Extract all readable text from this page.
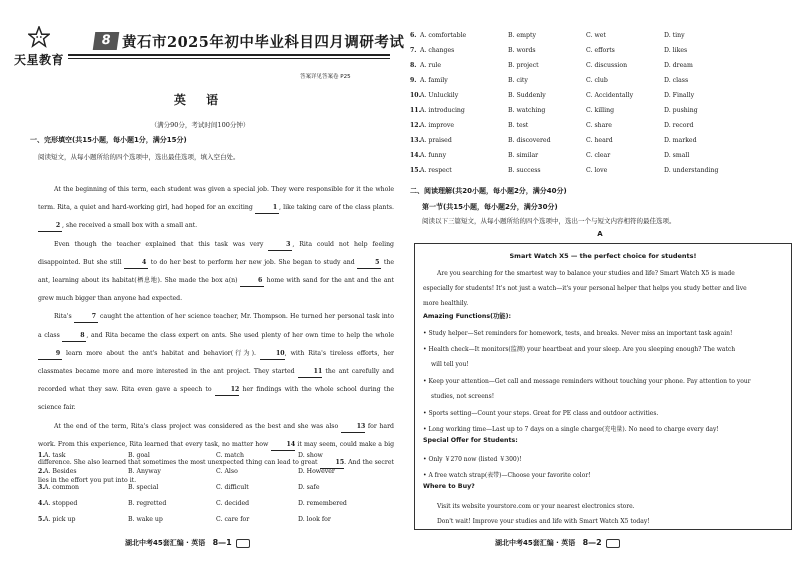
天星教育
8 黄石市2025年初中毕业科目四月调研考试
答案详见答案卷 P25
英 语
（满分90分，考试时间100分钟）
一、完形填空(共15小题，每小题1分，满分15分)
阅读短文，从每小题所给的四个选项中，选出最佳选项，填入空白处。

At the beginning of this term, each student was given a special job. They were responsible for it the whole term. Rita, a quiet and hard-working girl, had hoped for an exciting	1 , like taking care of the class plants. 2 , she received a small box with a small ant.

Even though the teacher explained that this task was very	3 , Rita could not help feeling disappointed. But she still	4 to do her best to perform her new job. She began to study and	5 the ant, learning about its habitat(栖息地). She made the box a(n)	6 home with sand for the ant and the ant grew much bigger than anyone had expected.

Rita's	7 caught the attention of her science teacher, Mr. Thompson. He turned her personal task into a class	8 , and Rita became the class expert on ants. She used plenty of her own time to help the whole 9 learn more about the ant's habitat and behavior(行为).	10, with Rita's tireless efforts, her classmates became more and more interested in the ant project. They started	11 the ant carefully and recorded what they saw. Rita even gave a speech to	12 her findings with the whole school during the science fair.

At the end of the term, Rita's class project was considered as the best and she was also	13 for hard work. From this experience, Rita learned that every task, no matter how	14 it may seem, could make a big difference. She also learned that sometimes the most unexpected thing can lead to great	15. And the secret lies in the effort you put into it.

1. A. task	B. goal	C. match	D. show
2. A. Besides	B. Anyway	C. Also	D. However
3. A. common	B. special	C. difficult	D. safe
4. A. stopped	B. regretted	C. decided	D. remembered
5. A. pick up	B. wake up	C. care for	D. look for
湖北中考45套汇编 · 英语 8—1
6. A. comfortable	B. empty	C. wet	D. tiny
7. A. changes	B. words	C. efforts	D. likes
8. A. rule	B. project	C. discussion	D. dream
9. A. family	B. city	C. club	D. class
10. A. Unluckily	B. Suddenly	C. Accidentally	D. Finally
11. A. introducing	B. watching	C. killing	D. pushing
12. A. improve	B. test	C. share	D. record
13. A. praised	B. discovered	C. heard	D. marked
14. A. funny	B. similar	C. clear	D. small
15. A. respect	B. success	C. love	D. understanding
二、阅读理解(共20小题，每小题2分，满分40分)
第一节(共15小题，每小题2分，满分30分)
阅读以下三篇短文，从每小题所给的四个选项中，选出一个与短文内容相符的最佳选项。
湖北中考45套汇编 · 英语 8—2
A
Smart Watch X5 — the perfect choice for students!
Are you searching for the smartest way to balance your studies and life? Smart Watch X5 is made
especially for students! It's not just a watch—it's your personal helper that helps you study better and live
more healthily.
Amazing Functions(功能):
• Study helper—Set reminders for homework, tests, and breaks. Never miss an important task again!
• Health check—It monitors(监测) your heartbeat and your sleep. Are you sleeping enough? The watch
will tell you!
• Keep your attention—Get call and message reminders without touching your phone. Pay attention to your
studies, not screens!
• Sports setting—Count your steps. Great for PE class and outdoor activities.
• Long working time—Last up to 7 days on a single charge(充电量). No need to charge every day!
Special Offer for Students:
• Only ￥270 now (listed ￥300)!
• A free watch strap(表带)—Choose your favorite color!
Where to Buy?
Visit its website yourstore.com or your nearest electronics store.
Don't wait! Improve your studies and life with Smart Watch X5 today!
